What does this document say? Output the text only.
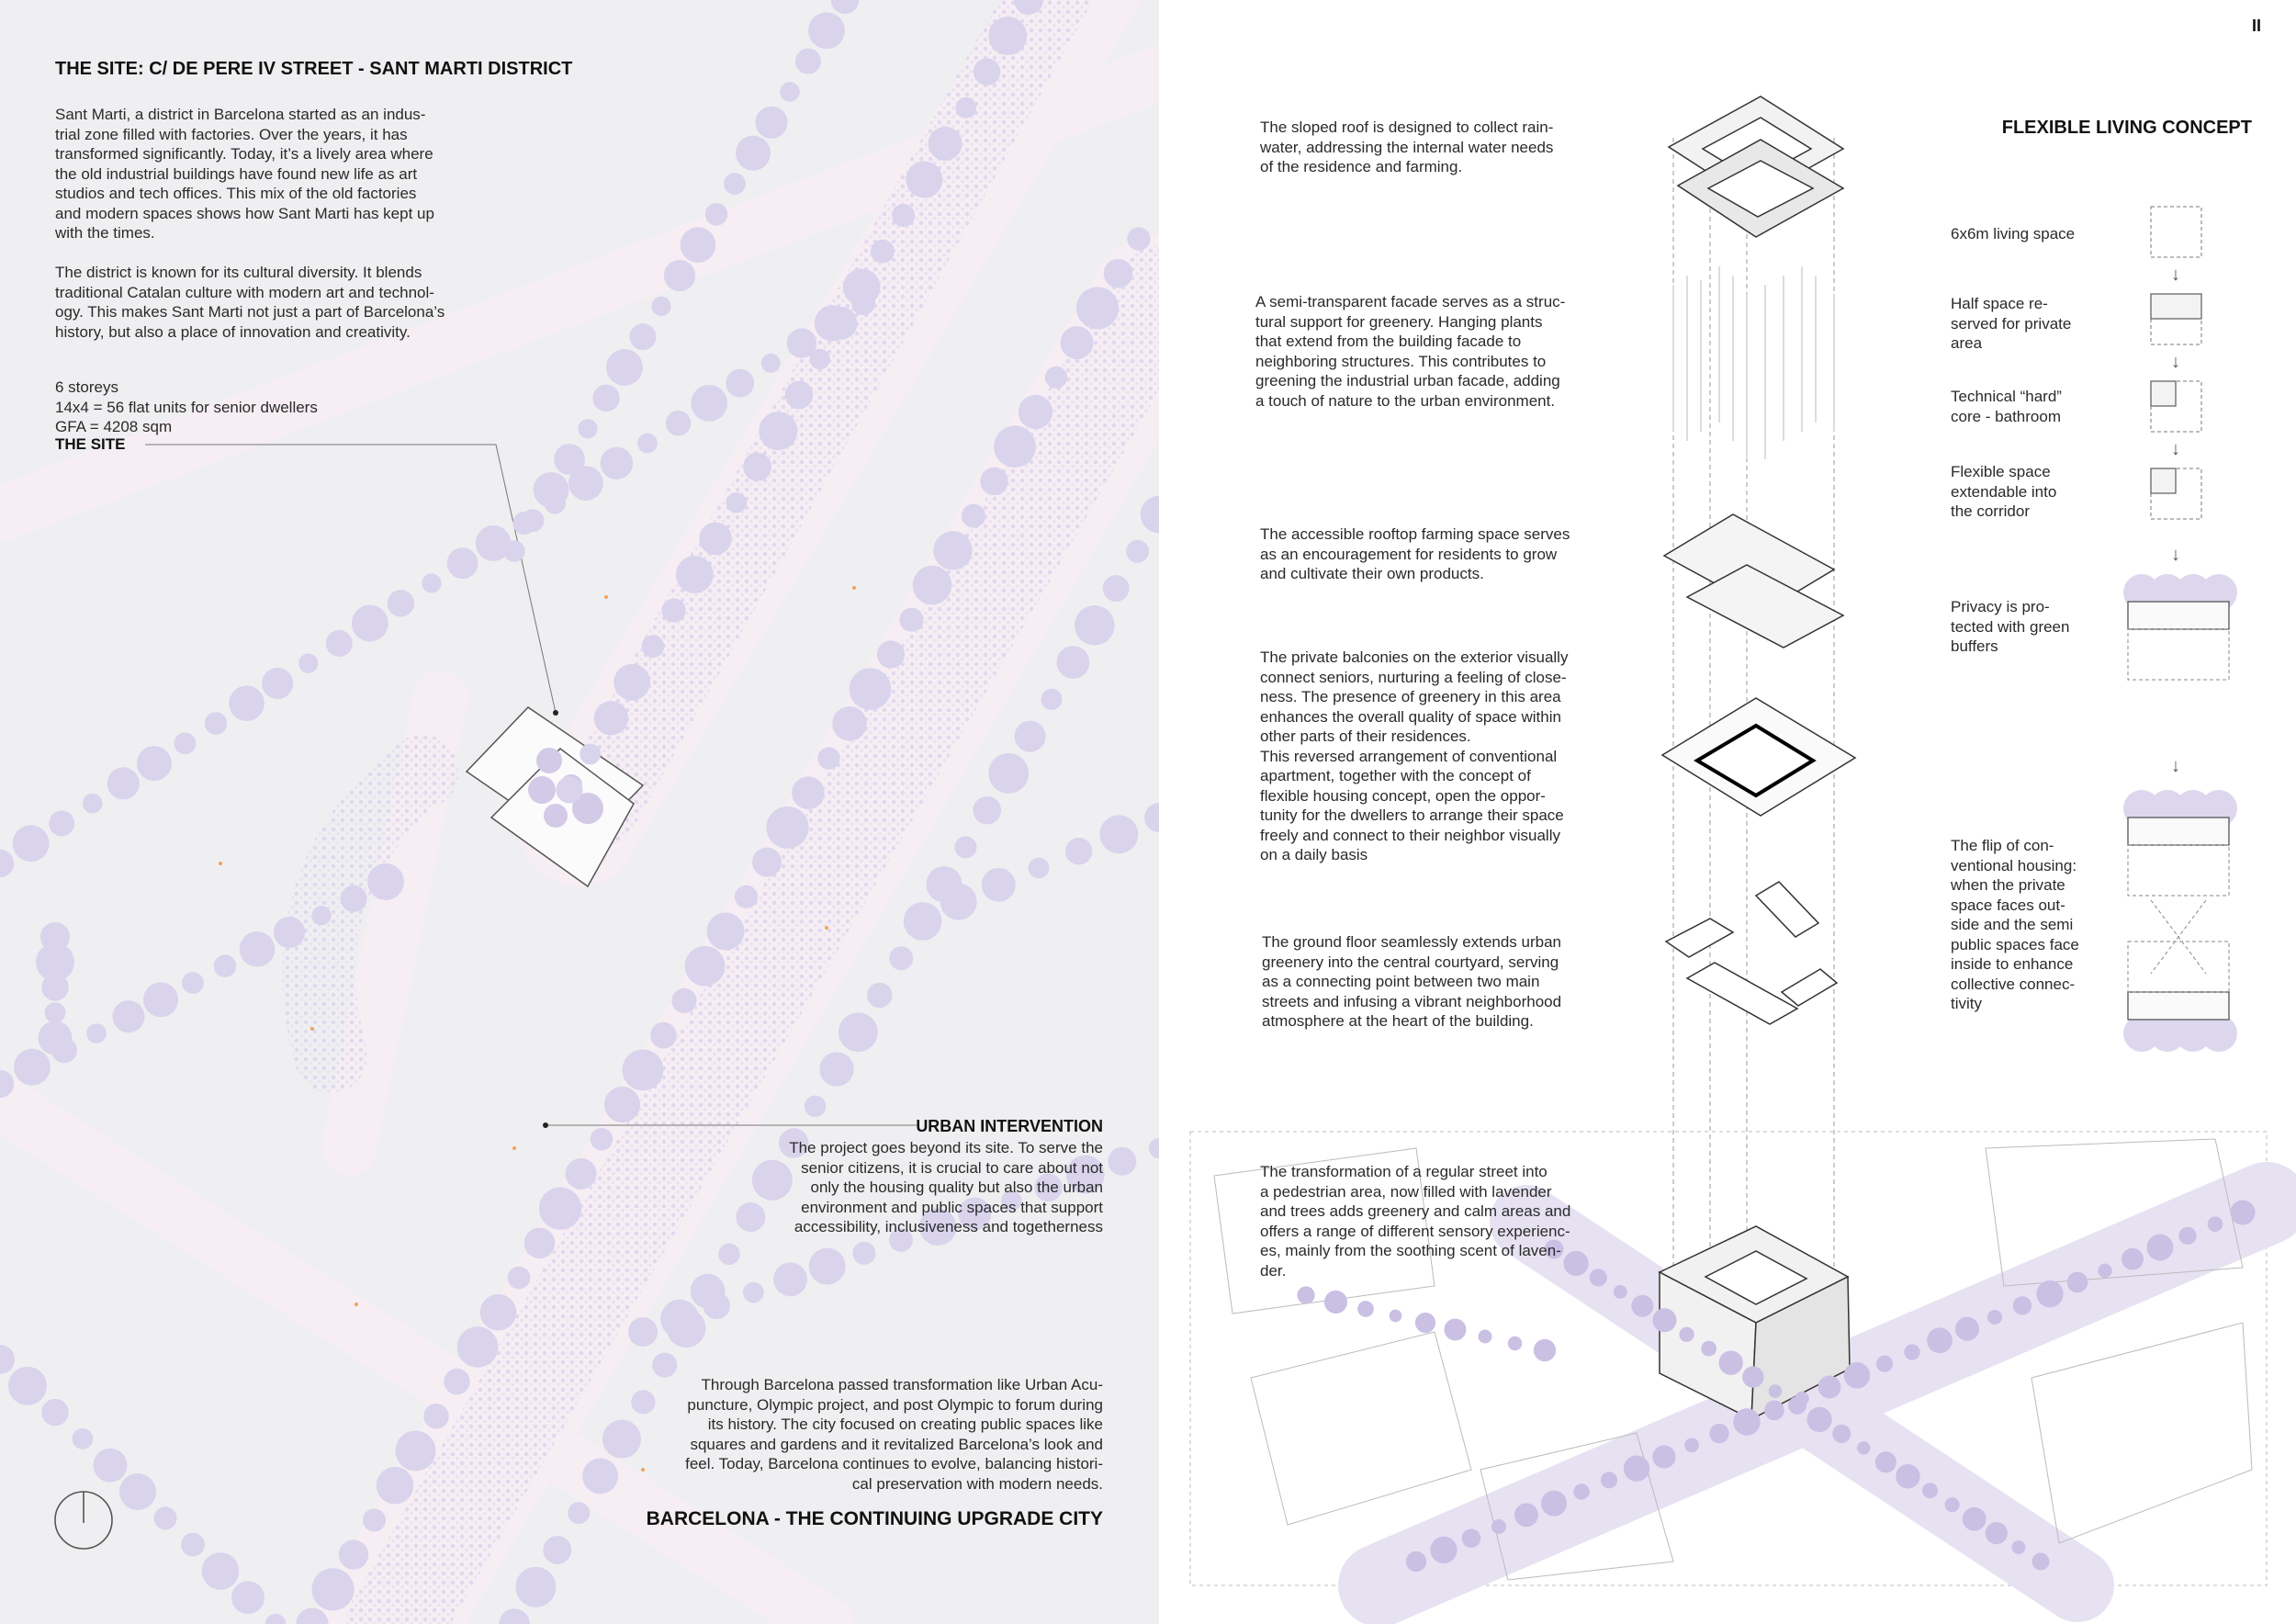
THE SITE: C/ DE PERE IV STREET - SANT MARTI DISTRICT
Sant Marti, a district in Barcelona started as an indus-
trial zone filled with factories. Over the years, it has
transformed significantly. Today, it’s a lively area where
the old industrial buildings have found new life as art
studios and tech offices. This mix of the old factories
and modern spaces shows how Sant Marti has kept up
with the times.
The district is known for its cultural diversity. It blends
traditional Catalan culture with modern art and technol-
ogy. This makes Sant Marti not just a part of Barcelona’s
history, but also a place of innovation and creativity.
6 storeys
14x4 = 56 flat units for senior dwellers
GFA = 4208 sqm
THE SITE
URBAN INTERVENTION
The project goes beyond its site. To serve the
senior citizens, it is crucial to care about not
only the housing quality but also the urban
environment and public spaces that support
accessibility, inclusiveness and togetherness
Through Barcelona passed transformation like Urban Acu-
puncture, Olympic project, and post Olympic to forum during
its history. The city focused on creating public spaces like
squares and gardens and it revitalized Barcelona’s look and
feel. Today, Barcelona continues to evolve, balancing histori-
cal preservation with modern needs.
BARCELONA - THE CONTINUING UPGRADE CITY
II
The sloped roof is designed to collect rain-
water, addressing the internal water needs
of the residence and farming.
A semi-transparent facade serves as a struc-
tural support for greenery. Hanging plants
that extend from the building facade to
neighboring structures. This contributes to
greening the industrial urban facade, adding
a touch of nature to the urban environment.
The accessible rooftop farming space serves
as an encouragement for residents to grow
and cultivate their own products.
The private balconies on the exterior visually
connect seniors, nurturing a feeling of close-
ness. The presence of greenery in this area
enhances the overall quality of space within
other parts of their residences.
This reversed arrangement of conventional
apartment, together with the concept of
flexible housing concept, open the oppor-
tunity for the dwellers to arrange their space
freely and connect to their neighbor visually
on a daily basis
The ground floor seamlessly extends urban
greenery into the central courtyard, serving
as a connecting point between two main
streets and infusing a vibrant neighborhood
atmosphere at the heart of the building.
The transformation of a regular street into
a pedestrian area, now filled with lavender
and trees adds greenery and calm areas and
offers a range of different sensory experienc-
es, mainly from the soothing scent of laven-
der.
FLEXIBLE LIVING CONCEPT
6x6m living space
Half space re-
served for private
area
Technical “hard”
core - bathroom
Flexible space
extendable into
the corridor
Privacy is pro-
tected with green
buffers
The flip of con-
ventional housing:
when the private
space faces out-
side and the semi
public spaces face
inside to enhance
collective connec-
tivity
↓
↓
↓
↓
↓
